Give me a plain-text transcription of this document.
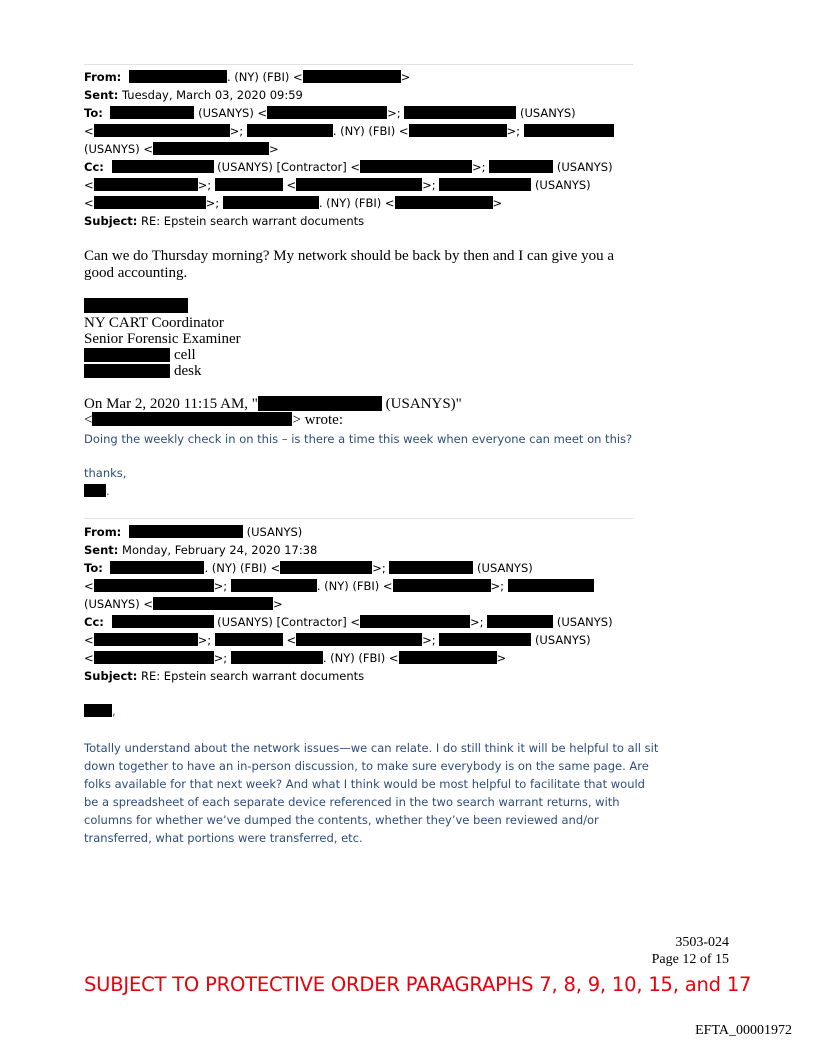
From:	. (NY) (FBI) <	>
Sent: Tuesday, March 03, 2020 09:59
To:	(USANYS) <	>;	(USANYS)
<	>;	. (NY) (FBI) <	>;
(USANYS) <	>
Cc:	(USANYS) [Contractor] <	>;	(USANYS)
<	>;	<	>;	(USANYS)
<	>;	. (NY) (FBI) <	>
Subject: RE: Epstein search warrant documents
Can we do Thursday morning? My network should be back by then and I can give you a good accounting.
NY CART Coordinator
Senior Forensic Examiner
cell
desk
On Mar 2, 2020 11:15 AM, "	(USANYS)"
<	> wrote:
Doing the weekly check in on this – is there a time this week when everyone can meet on this?
thanks,
.
From:	(USANYS)
Sent: Monday, February 24, 2020 17:38
To:	. (NY) (FBI) <	>;	(USANYS)
<	>;	. (NY) (FBI) <	>;
(USANYS) <	>
Cc:	(USANYS) [Contractor] <	>;	(USANYS)
<	>;	<	>;	(USANYS)
<	>;	. (NY) (FBI) <	>
Subject: RE: Epstein search warrant documents
,
Totally understand about the network issues—we can relate. I do still think it will be helpful to all sit
down together to have an in-person discussion, to make sure everybody is on the same page. Are
folks available for that next week? And what I think would be most helpful to facilitate that would
be a spreadsheet of each separate device referenced in the two search warrant returns, with
columns for whether we’ve dumped the contents, whether they’ve been reviewed and/or
transferred, what portions were transferred, etc.
3503-024
Page 12 of 15
SUBJECT TO PROTECTIVE ORDER PARAGRAPHS 7, 8, 9, 10, 15, and 17
EFTA_00001972
